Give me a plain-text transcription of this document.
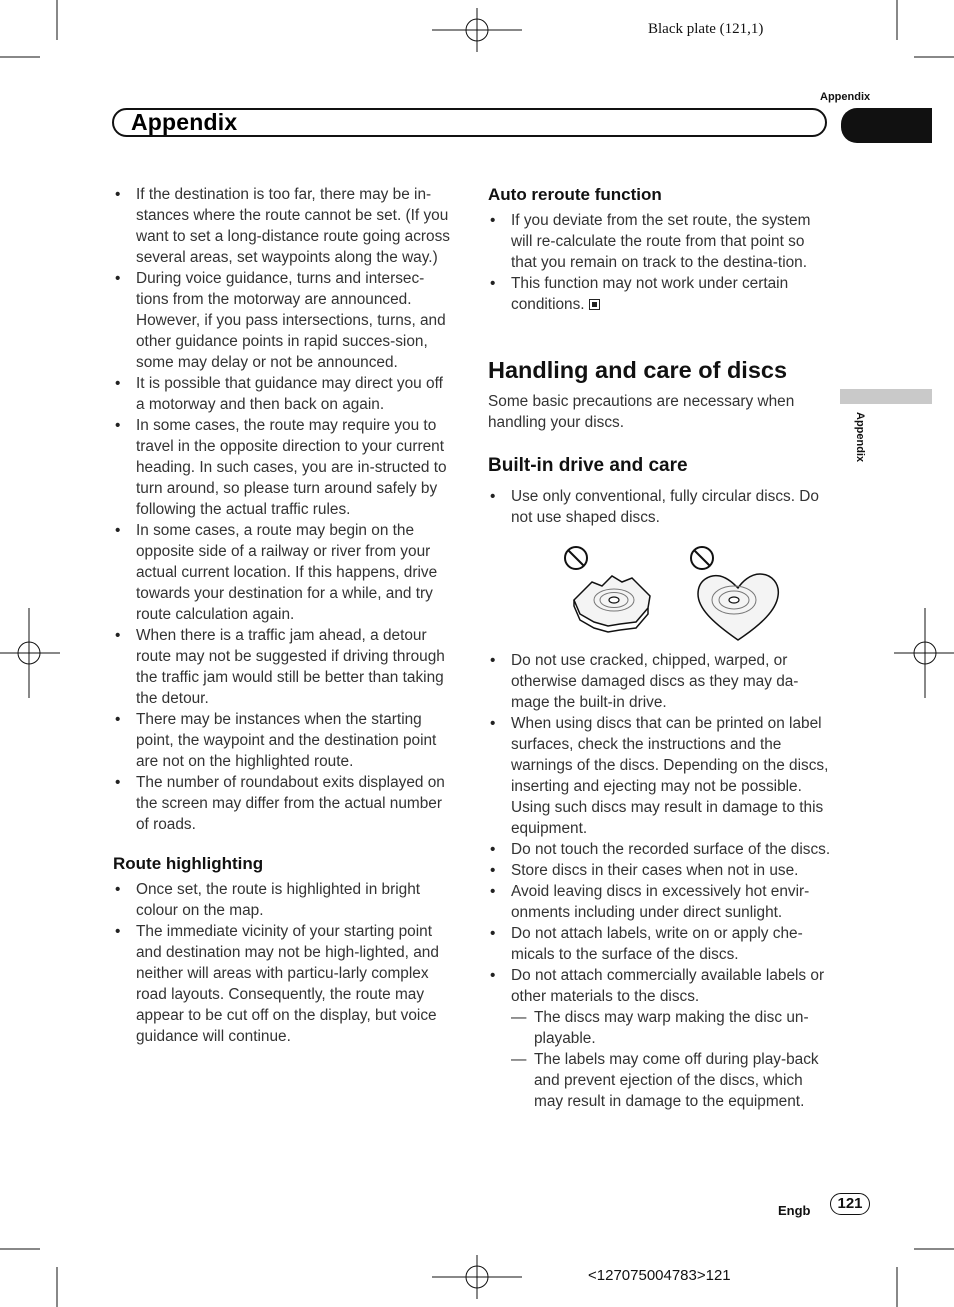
Black plate (121,1)
Appendix
Appendix
Appendix
• If the destination is too far, there may be in-stances where the route cannot be set. (If you want to set a long-distance route going across several areas, set waypoints along the way.)
• During voice guidance, turns and intersec-tions from the motorway are announced. However, if you pass intersections, turns, and other guidance points in rapid succes-sion, some may delay or not be announced.
• It is possible that guidance may direct you off a motorway and then back on again.
• In some cases, the route may require you to travel in the opposite direction to your current heading. In such cases, you are in-structed to turn around, so please turn around safely by following the actual traffic rules.
• In some cases, a route may begin on the opposite side of a railway or river from your actual current location. If this happens, drive towards your destination for a while, and try route calculation again.
• When there is a traffic jam ahead, a detour route may not be suggested if driving through the traffic jam would still be better than taking the detour.
• There may be instances when the starting point, the waypoint and the destination point are not on the highlighted route.
• The number of roundabout exits displayed on the screen may differ from the actual number of roads.
Route highlighting
• Once set, the route is highlighted in bright colour on the map.
• The immediate vicinity of your starting point and destination may not be high-lighted, and neither will areas with particu-larly complex road layouts. Consequently, the route may appear to be cut off on the display, but voice guidance will continue.
Auto reroute function
• If you deviate from the set route, the system will re-calculate the route from that point so that you remain on track to the destina-tion.
• This function may not work under certain conditions.
Handling and care of discs

Some basic precautions are necessary when handling your discs.

Built-in drive and care
• Use only conventional, fully circular discs. Do not use shaped discs.
• Do not use cracked, chipped, warped, or otherwise damaged discs as they may da-mage the built-in drive.
• When using discs that can be printed on label surfaces, check the instructions and the warnings of the discs. Depending on the discs, inserting and ejecting may not be possible. Using such discs may result in damage to this equipment.
• Do not touch the recorded surface of the discs.
• Store discs in their cases when not in use.
• Avoid leaving discs in excessively hot envir-onments including under direct sunlight.
• Do not attach labels, write on or apply che-micals to the surface of the discs.
• Do not attach commercially available labels or other materials to the discs.
— The discs may warp making the disc un-playable.
— The labels may come off during play-back and prevent ejection of the discs, which may result in damage to the equipment.
Engb	121
<127075004783>121
